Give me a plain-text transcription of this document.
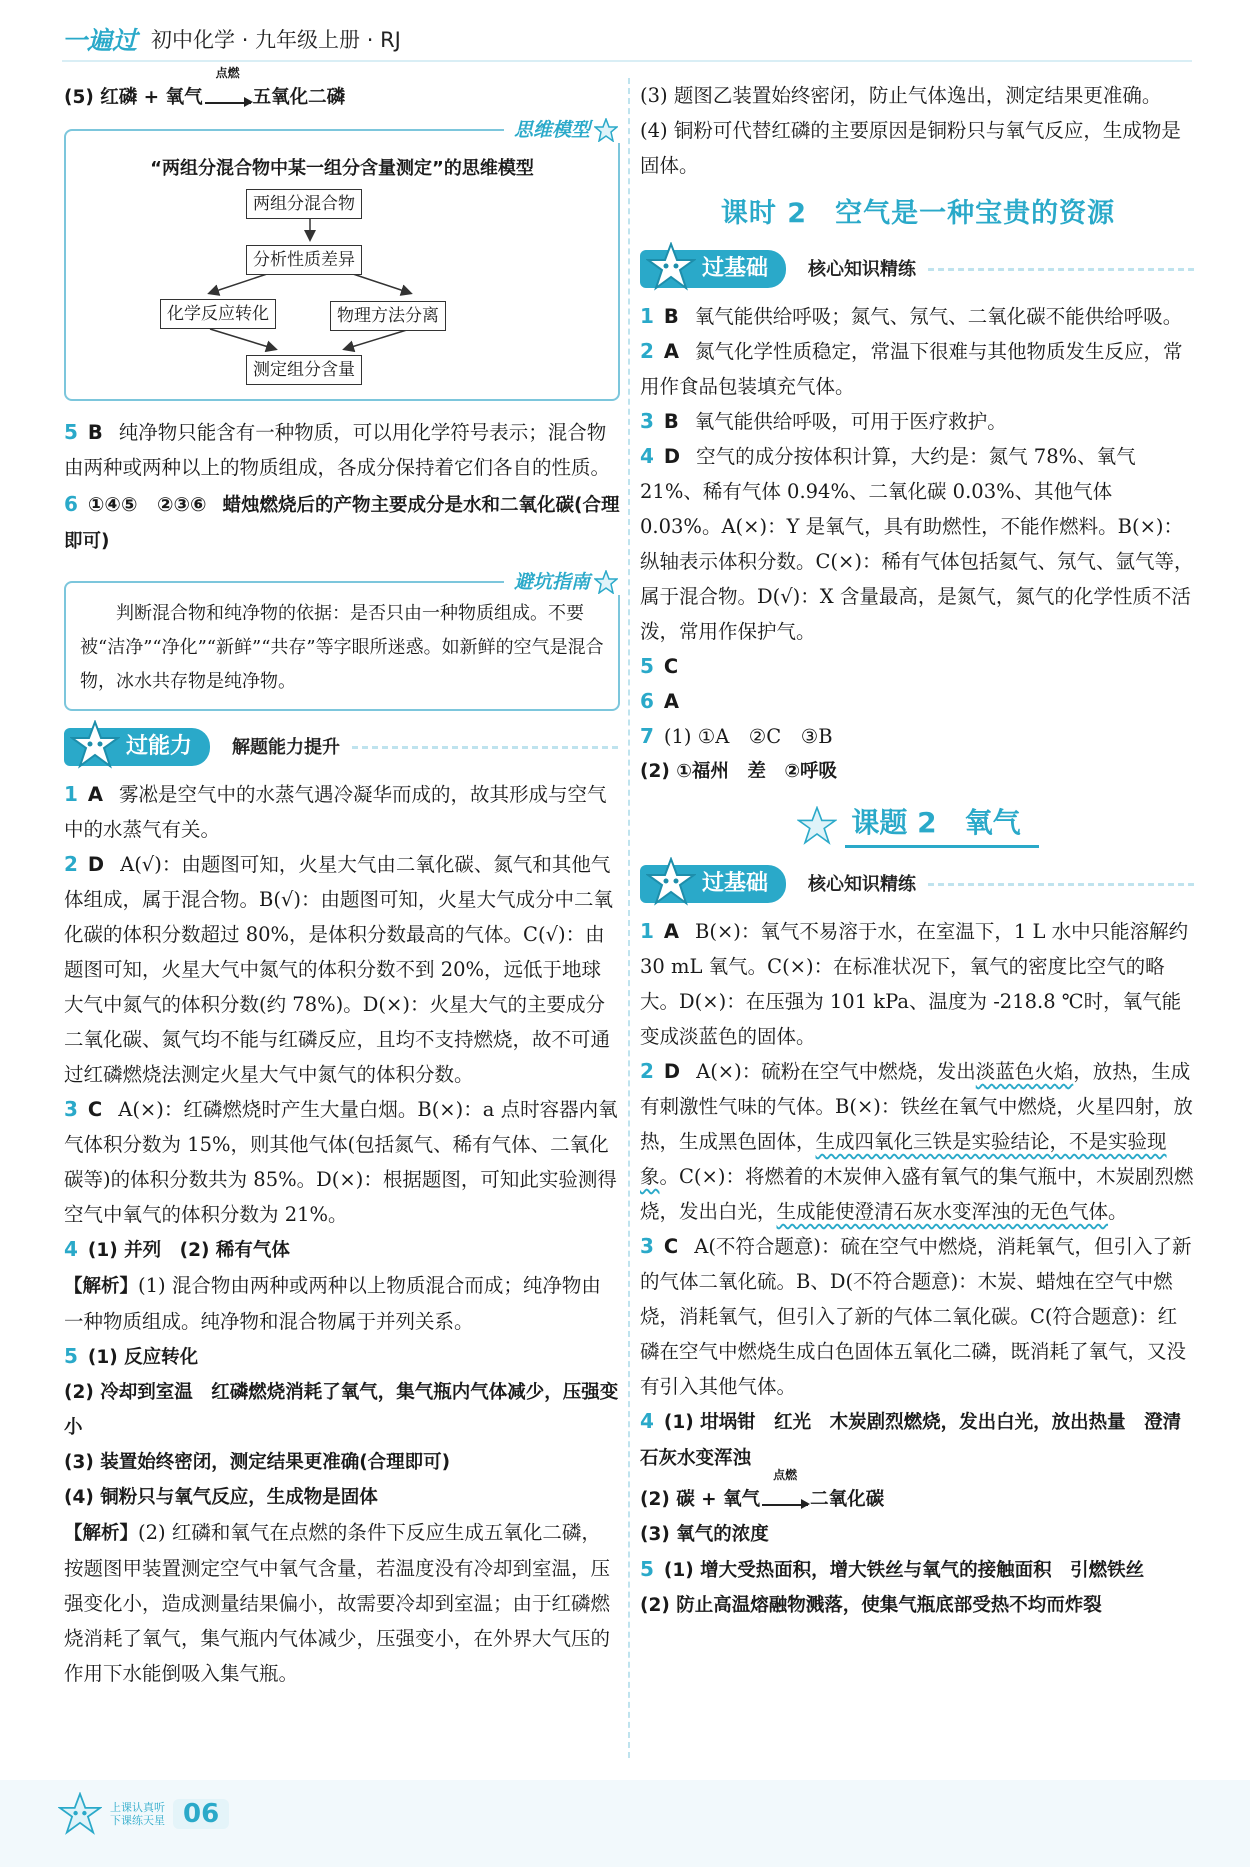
一遍过 初中化学 · 九年级上册 · RJ

(5) 红磷 + 氧气
点燃
五氧化二磷

思维模型
“两组分混合物中某一组分含量测定”的思维模型
两组分混合物
分析性质差异
化学反应转化	物理方法分离
测定组分含量

5 B 纯净物只能含有一种物质，可以用化学符号表示；混合物由两种或两种以上的物质组成，各成分保持着它们各自的性质。

6 ①④⑤　②③⑥ 蜡烛燃烧后的产物主要成分是水和二氧化碳(合理即可)

避坑指南

判断混合物和纯净物的依据：是否只由一种物质组成。不要被“洁净”“净化”“新鲜”“共存”等字眼所迷惑。如新鲜的空气是混合物，冰水共存物是纯净物。

过能力	解题能力提升

1 A 雾凇是空气中的水蒸气遇冷凝华而成的，故其形成与空气中的水蒸气有关。

2 D A(√)：由题图可知，火星大气由二氧化碳、氮气和其他气体组成，属于混合物。B(√)：由题图可知，火星大气成分中二氧化碳的体积分数超过 80%，是体积分数最高的气体。C(√)：由题图可知，火星大气中氮气的体积分数不到 20%，远低于地球大气中氮气的体积分数(约 78%)。D(×)：火星大气的主要成分二氧化碳、氮气均不能与红磷反应，且均不支持燃烧，故不可通过红磷燃烧法测定火星大气中氮气的体积分数。

3 C A(×)：红磷燃烧时产生大量白烟。B(×)：a 点时容器内氧气体积分数为 15%，则其他气体(包括氮气、稀有气体、二氧化碳等)的体积分数共为 85%。D(×)：根据题图，可知此实验测得空气中氧气的体积分数为 21%。

4 (1) 并列　(2) 稀有气体

【解析】(1) 混合物由两种或两种以上物质混合而成；纯净物由一种物质组成。纯净物和混合物属于并列关系。

5 (1) 反应转化

(2) 冷却到室温　红磷燃烧消耗了氧气，集气瓶内气体减少，压强变小

(3) 装置始终密闭，测定结果更准确(合理即可)

(4) 铜粉只与氧气反应，生成物是固体

【解析】(2) 红磷和氧气在点燃的条件下反应生成五氧化二磷，按题图甲装置测定空气中氧气含量，若温度没有冷却到室温，压强变化小，造成测量结果偏小，故需要冷却到室温；由于红磷燃烧消耗了氧气，集气瓶内气体减少，压强变小，在外界大气压的作用下水能倒吸入集气瓶。

(3) 题图乙装置始终密闭，防止气体逸出，测定结果更准确。

(4) 铜粉可代替红磷的主要原因是铜粉只与氧气反应，生成物是固体。

课时 2　空气是一种宝贵的资源
过基础	核心知识精练

1 B 氧气能供给呼吸；氮气、氖气、二氧化碳不能供给呼吸。

2 A 氮气化学性质稳定，常温下很难与其他物质发生反应，常用作食品包装填充气体。

3 B 氧气能供给呼吸，可用于医疗救护。

4 D 空气的成分按体积计算，大约是：氮气 78%、氧气 21%、稀有气体 0.94%、二氧化碳 0.03%、其他气体 0.03%。A(×)：Y 是氧气，具有助燃性，不能作燃料。B(×)：纵轴表示体积分数。C(×)：稀有气体包括氦气、氖气、氩气等，属于混合物。D(√)：X 含量最高，是氮气，氮气的化学性质不活泼，常用作保护气。

5 C

6 A

7 (1) ①A　②C　③B

(2) ①福州　差　②呼吸

课题 2　氧气
过基础	核心知识精练

1 A B(×)：氧气不易溶于水，在室温下，1 L 水中只能溶解约 30 mL 氧气。C(×)：在标准状况下，氧气的密度比空气的略大。D(×)：在压强为 101 kPa、温度为 -218.8 ℃时，氧气能变成淡蓝色的固体。

2 D A(×)：硫粉在空气中燃烧，发出淡蓝色火焰，放热，生成有刺激性气味的气体。B(×)：铁丝在氧气中燃烧，火星四射，放热，生成黑色固体，生成四氧化三铁是实验结论，不是实验现象。C(×)：将燃着的木炭伸入盛有氧气的集气瓶中，木炭剧烈燃烧，发出白光，生成能使澄清石灰水变浑浊的无色气体。

3 C A(不符合题意)：硫在空气中燃烧，消耗氧气，但引入了新的气体二氧化硫。B、D(不符合题意)：木炭、蜡烛在空气中燃烧，消耗氧气，但引入了新的气体二氧化碳。C(符合题意)：红磷在空气中燃烧生成白色固体五氧化二磷，既消耗了氧气，又没有引入其他气体。

4 (1) 坩埚钳　红光　木炭剧烈燃烧，发出白光，放出热量　澄清石灰水变浑浊

(2) 碳 + 氧气
点燃
二氧化碳

(3) 氧气的浓度

5 (1) 增大受热面积，增大铁丝与氧气的接触面积　引燃铁丝

(2) 防止高温熔融物溅落，使集气瓶底部受热不均而炸裂

上课认真听
下课练天星 06
